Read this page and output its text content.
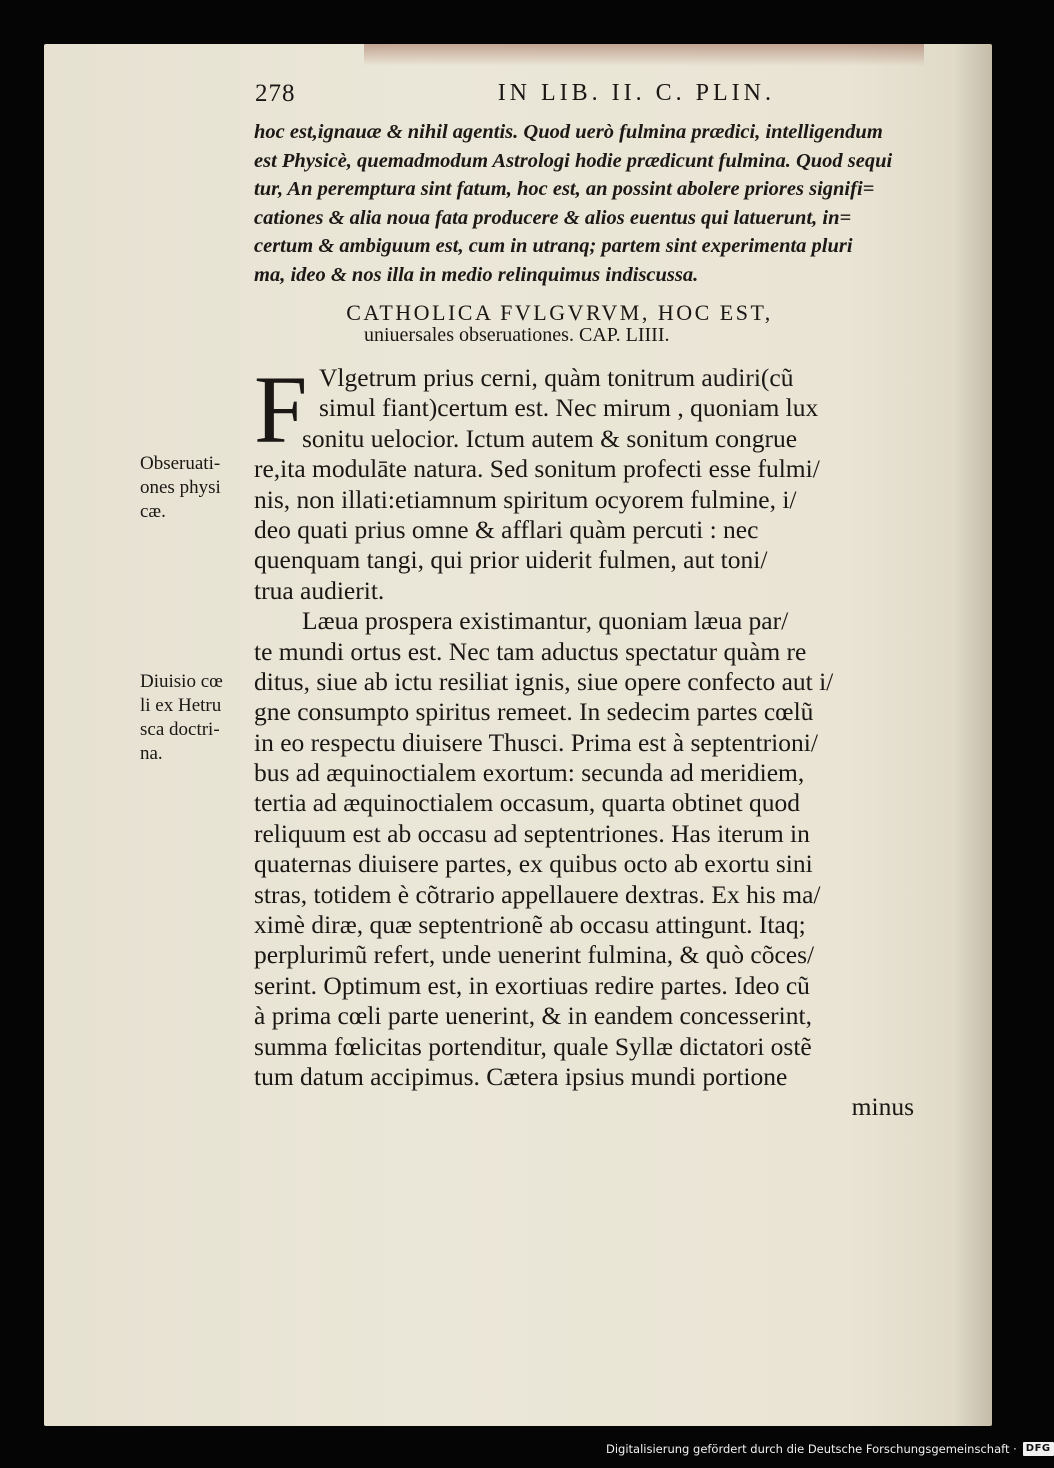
278	IN LIB. II. C. PLIN.
hoc est,ignauæ & nihil agentis. Quod uerò fulmina prædici, intelligendum
est Physicè, quemadmodum Astrologi hodie prædicunt fulmina. Quod sequi
tur, An peremptura sint fatum, hoc est, an possint abolere priores signifi=
cationes & alia noua fata producere & alios euentus qui latuerunt, in=
certum & ambiguum est, cum in utranq; partem sint experimenta pluri
ma, ideo & nos illa in medio relinquimus indiscussa.
CATHOLICA FVLGVRVM, HOC EST,
uniuersales obseruationes. CAP. LIIII.
F Vlgetrum prius cerni, quàm tonitrum audiri(cũ
simul fiant)certum est. Nec mirum , quoniam lux
sonitu uelocior. Ictum autem & sonitum congrue
re,ita modulāte natura. Sed sonitum profecti esse fulmi/
nis, non illati:etiamnum spiritum ocyorem fulmine, i/
deo quati prius omne & afflari quàm percuti : nec
quenquam tangi, qui prior uiderit fulmen, aut toni/
trua audierit.
Læua prospera existimantur, quoniam læua par/
te mundi ortus est. Nec tam aductus spectatur quàm re
ditus, siue ab ictu resiliat ignis, siue opere confecto aut i/
gne consumpto spiritus remeet. In sedecim partes cœlũ
in eo respectu diuisere Thusci. Prima est à septentrioni/
bus ad æquinoctialem exortum: secunda ad meridiem,
tertia ad æquinoctialem occasum, quarta obtinet quod
reliquum est ab occasu ad septentriones. Has iterum in
quaternas diuisere partes, ex quibus octo ab exortu sini
stras, totidem è cõtrario appellauere dextras. Ex his ma/
ximè diræ, quæ septentrionẽ ab occasu attingunt. Itaq;
perplurimũ refert, unde uenerint fulmina, & quò cõces/
serint. Optimum est, in exortiuas redire partes. Ideo cũ
à prima cœli parte uenerint, & in eandem concesserint,
summa fœlicitas portenditur, quale Syllæ dictatori ostẽ
tum datum accipimus. Cætera ipsius mundi portione
minus
Obseruati-
ones physi
cæ.
Diuisio cœ
li ex Hetru
sca doctri-
na.
Digitalisierung gefördert durch die Deutsche Forschungsgemeinschaft · DFG
